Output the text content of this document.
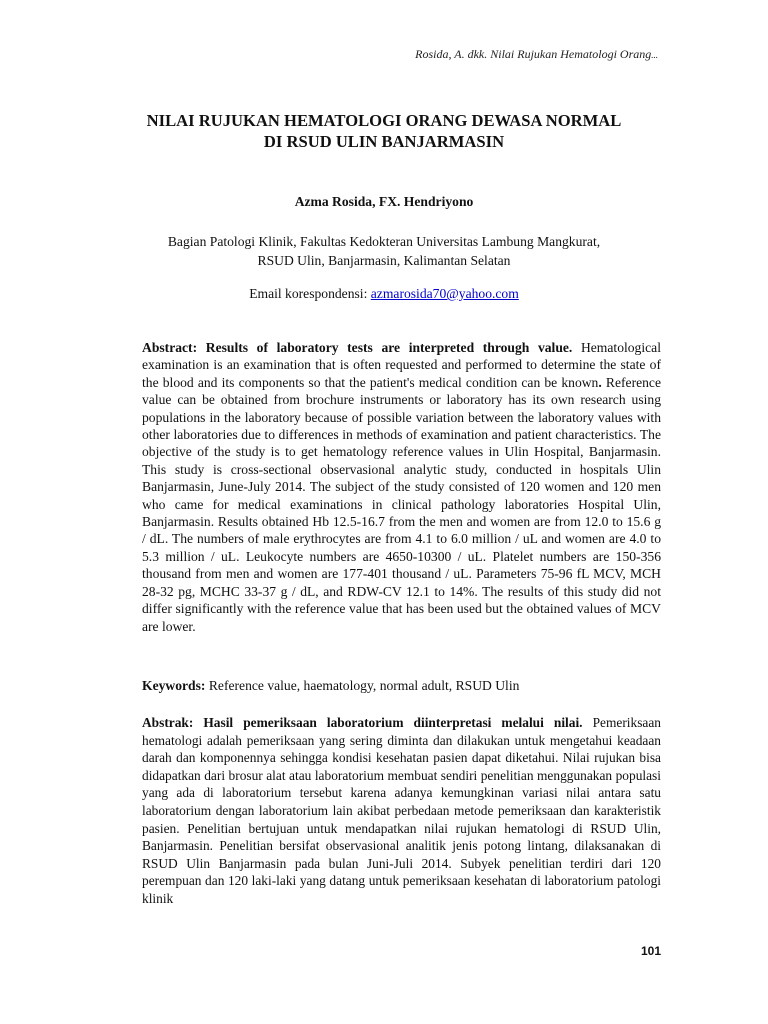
Rosida, A. dkk. Nilai Rujukan Hematologi Orang...
NILAI RUJUKAN HEMATOLOGI ORANG DEWASA NORMAL
DI RSUD ULIN BANJARMASIN
Azma Rosida, FX. Hendriyono
Bagian Patologi Klinik, Fakultas Kedokteran Universitas Lambung Mangkurat,
RSUD Ulin, Banjarmasin, Kalimantan Selatan
Email korespondensi: azmarosida70@yahoo.com

Abstract: Results of laboratory tests are interpreted through value. Hematological examination is an examination that is often requested and performed to determine the state of the blood and its components so that the patient's medical condition can be known. Reference value can be obtained from brochure instruments or laboratory has its own research using populations in the laboratory because of possible variation between the laboratory values with other laboratories due to differences in methods of examination and patient characteristics. The objective of the study is to get hematology reference values in Ulin Hospital, Banjarmasin. This study is cross-sectional observasional analytic study, conducted in hospitals Ulin Banjarmasin, June-July 2014. The subject of the study consisted of 120 women and 120 men who came for medical examinations in clinical pathology laboratories Hospital Ulin, Banjarmasin. Results obtained Hb 12.5-16.7 from the men and women are from 12.0 to 15.6 g / dL. The numbers of male erythrocytes are from 4.1 to 6.0 million / uL and women are 4.0 to 5.3 million / uL. Leukocyte numbers are 4650-10300 / uL. Platelet numbers are 150-356 thousand from men and women are 177-401 thousand / uL. Parameters 75-96 fL MCV, MCH 28-32 pg, MCHC 33-37 g / dL, and RDW-CV 12.1 to 14%. The results of this study did not differ significantly with the reference value that has been used but the obtained values of MCV are lower.

Keywords: Reference value, haematology, normal adult, RSUD Ulin

Abstrak: Hasil pemeriksaan laboratorium diinterpretasi melalui nilai. Pemeriksaan hematologi adalah pemeriksaan yang sering diminta dan dilakukan untuk mengetahui keadaan darah dan komponennya sehingga kondisi kesehatan pasien dapat diketahui. Nilai rujukan bisa didapatkan dari brosur alat atau laboratorium membuat sendiri penelitian menggunakan populasi yang ada di laboratorium tersebut karena adanya kemungkinan variasi nilai antara satu laboratorium dengan laboratorium lain akibat perbedaan metode pemeriksaan dan karakteristik pasien. Penelitian bertujuan untuk mendapatkan nilai rujukan hematologi di RSUD Ulin, Banjarmasin. Penelitian bersifat observasional analitik jenis potong lintang, dilaksanakan di RSUD Ulin Banjarmasin pada bulan Juni-Juli 2014. Subyek penelitian terdiri dari 120 perempuan dan 120 laki-laki yang datang untuk pemeriksaan kesehatan di laboratorium patologi klinik

101
